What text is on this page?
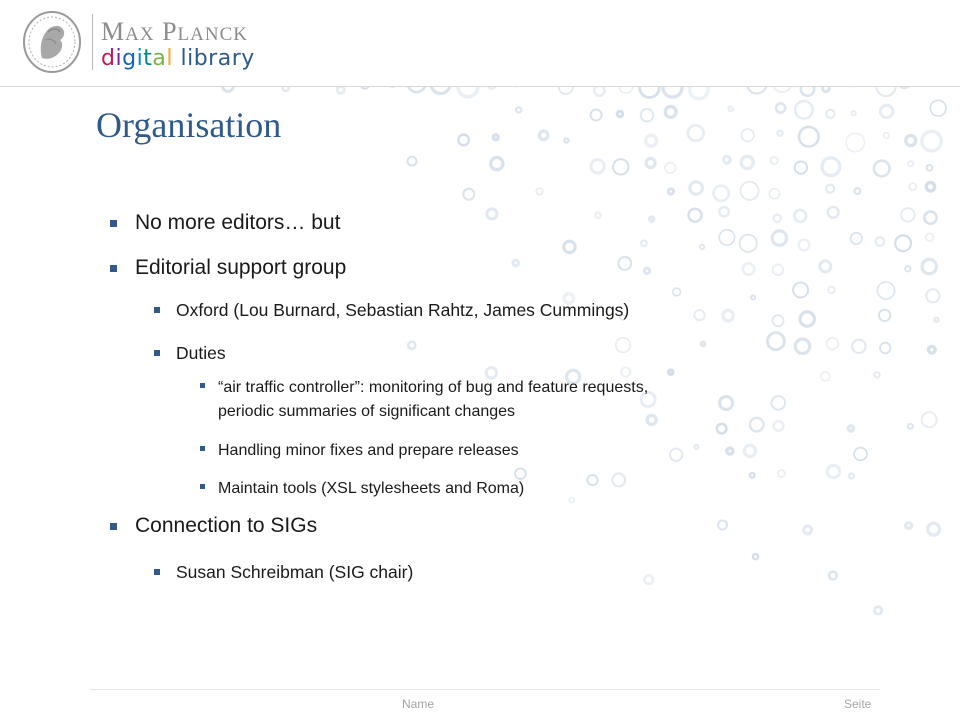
MAX PLANCK
digital library
Organisation
No more editors… but
Editorial support group
Oxford (Lou Burnard, Sebastian Rahtz, James Cummings)
Duties
“air traffic controller”: monitoring of bug and feature requests,
periodic summaries of significant changes
Handling minor fixes and prepare releases
Maintain tools (XSL stylesheets and Roma)
Connection to SIGs
Susan Schreibman (SIG chair)
Name	Seite
